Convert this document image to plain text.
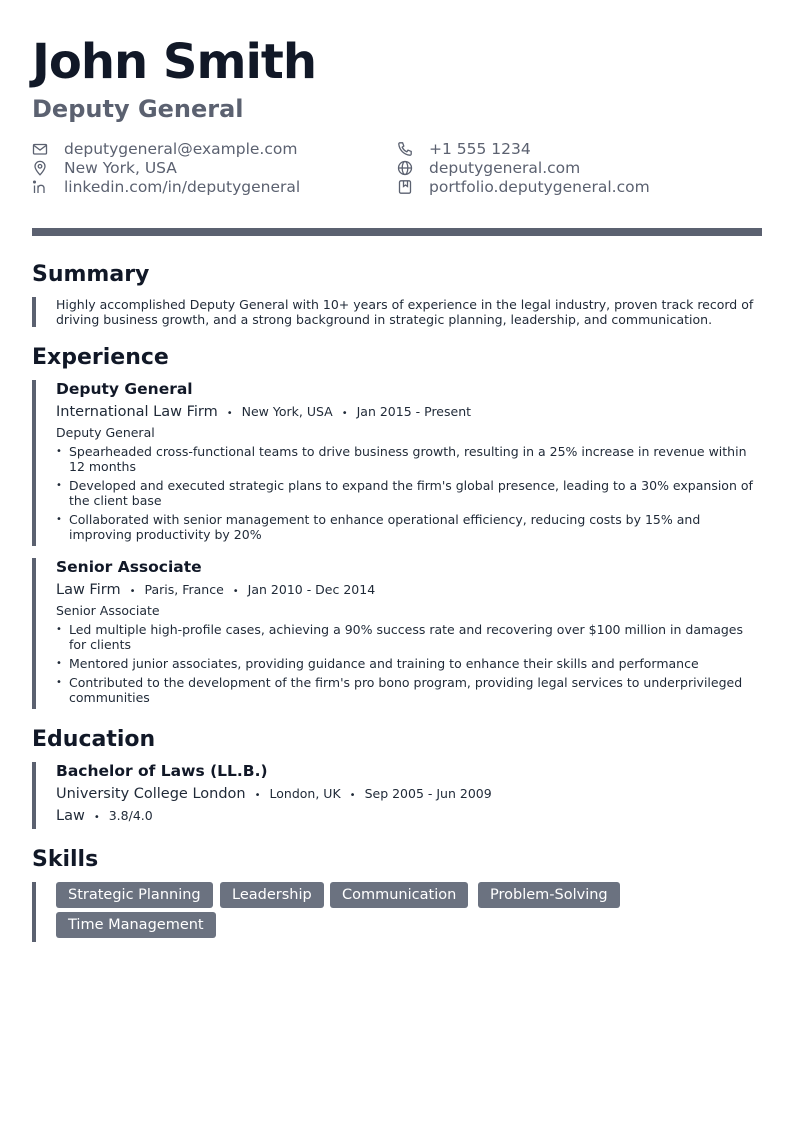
John Smith
Deputy General
deputygeneral@example.com	+1 555 1234
New York, USA	deputygeneral.com
linkedin.com/in/deputygeneral	portfolio.deputygeneral.com
Summary
Highly accomplished Deputy General with 10+ years of experience in the legal industry, proven track record of driving business growth, and a strong background in strategic planning, leadership, and communication.
Experience
Deputy General
International Law Firm • New York, USA • Jan 2015 - Present
Deputy General
• Spearheaded cross-functional teams to drive business growth, resulting in a 25% increase in revenue within 12 months
• Developed and executed strategic plans to expand the firm's global presence, leading to a 30% expansion of the client base
• Collaborated with senior management to enhance operational efficiency, reducing costs by 15% and improving productivity by 20%
Senior Associate
Law Firm • Paris, France • Jan 2010 - Dec 2014
Senior Associate
• Led multiple high-profile cases, achieving a 90% success rate and recovering over $100 million in damages for clients
• Mentored junior associates, providing guidance and training to enhance their skills and performance
• Contributed to the development of the firm's pro bono program, providing legal services to underprivileged communities
Education
Bachelor of Laws (LL.B.)
University College London • London, UK • Sep 2005 - Jun 2009
Law • 3.8/4.0
Skills
Strategic Planning	Leadership	Communication	Problem-Solving
Time Management
